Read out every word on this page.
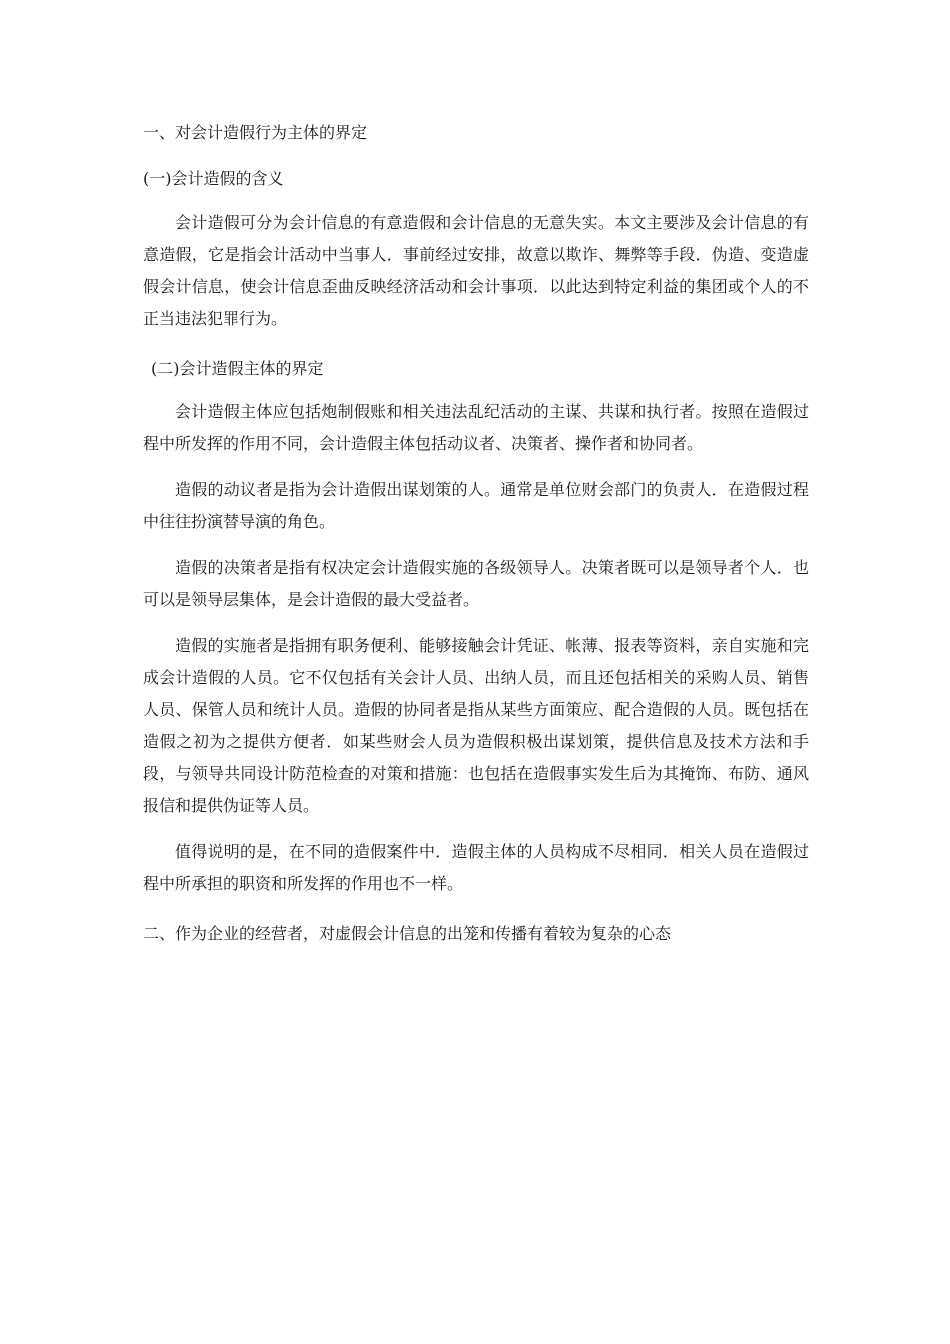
一、对会计造假行为主体的界定

(一)会计造假的含义

会计造假可分为会计信息的有意造假和会计信息的无意失实。本文主要涉及会计信息的有意造假，它是指会计活动中当事人．事前经过安排，故意以欺诈、舞弊等手段．伪造、变造虚假会计信息，使会计信息歪曲反映经济活动和会计事项．以此达到特定利益的集团或个人的不正当违法犯罪行为。

(二)会计造假主体的界定

会计造假主体应包括炮制假账和相关违法乱纪活动的主谋、共谋和执行者。按照在造假过程中所发挥的作用不同，会计造假主体包括动议者、决策者、操作者和协同者。

造假的动议者是指为会计造假出谋划策的人。通常是单位财会部门的负责人．在造假过程中往往扮演替导演的角色。

造假的决策者是指有权决定会计造假实施的各级领导人。决策者既可以是领导者个人．也可以是领导层集体，是会计造假的最大受益者。

造假的实施者是指拥有职务便利、能够接触会计凭证、帐薄、报表等资料，亲自实施和完成会计造假的人员。它不仅包括有关会计人员、出纳人员，而且还包括相关的采购人员、销售人员、保管人员和统计人员。造假的协同者是指从某些方面策应、配合造假的人员。既包括在造假之初为之提供方便者．如某些财会人员为造假积极出谋划策，提供信息及技术方法和手段，与领导共同设计防范检查的对策和措施：也包括在造假事实发生后为其掩饰、布防、通风报信和提供伪证等人员。

值得说明的是，在不同的造假案件中．造假主体的人员构成不尽相同．相关人员在造假过程中所承担的职资和所发挥的作用也不一样。

二、作为企业的经营者，对虚假会计信息的出笼和传播有着较为复杂的心态
